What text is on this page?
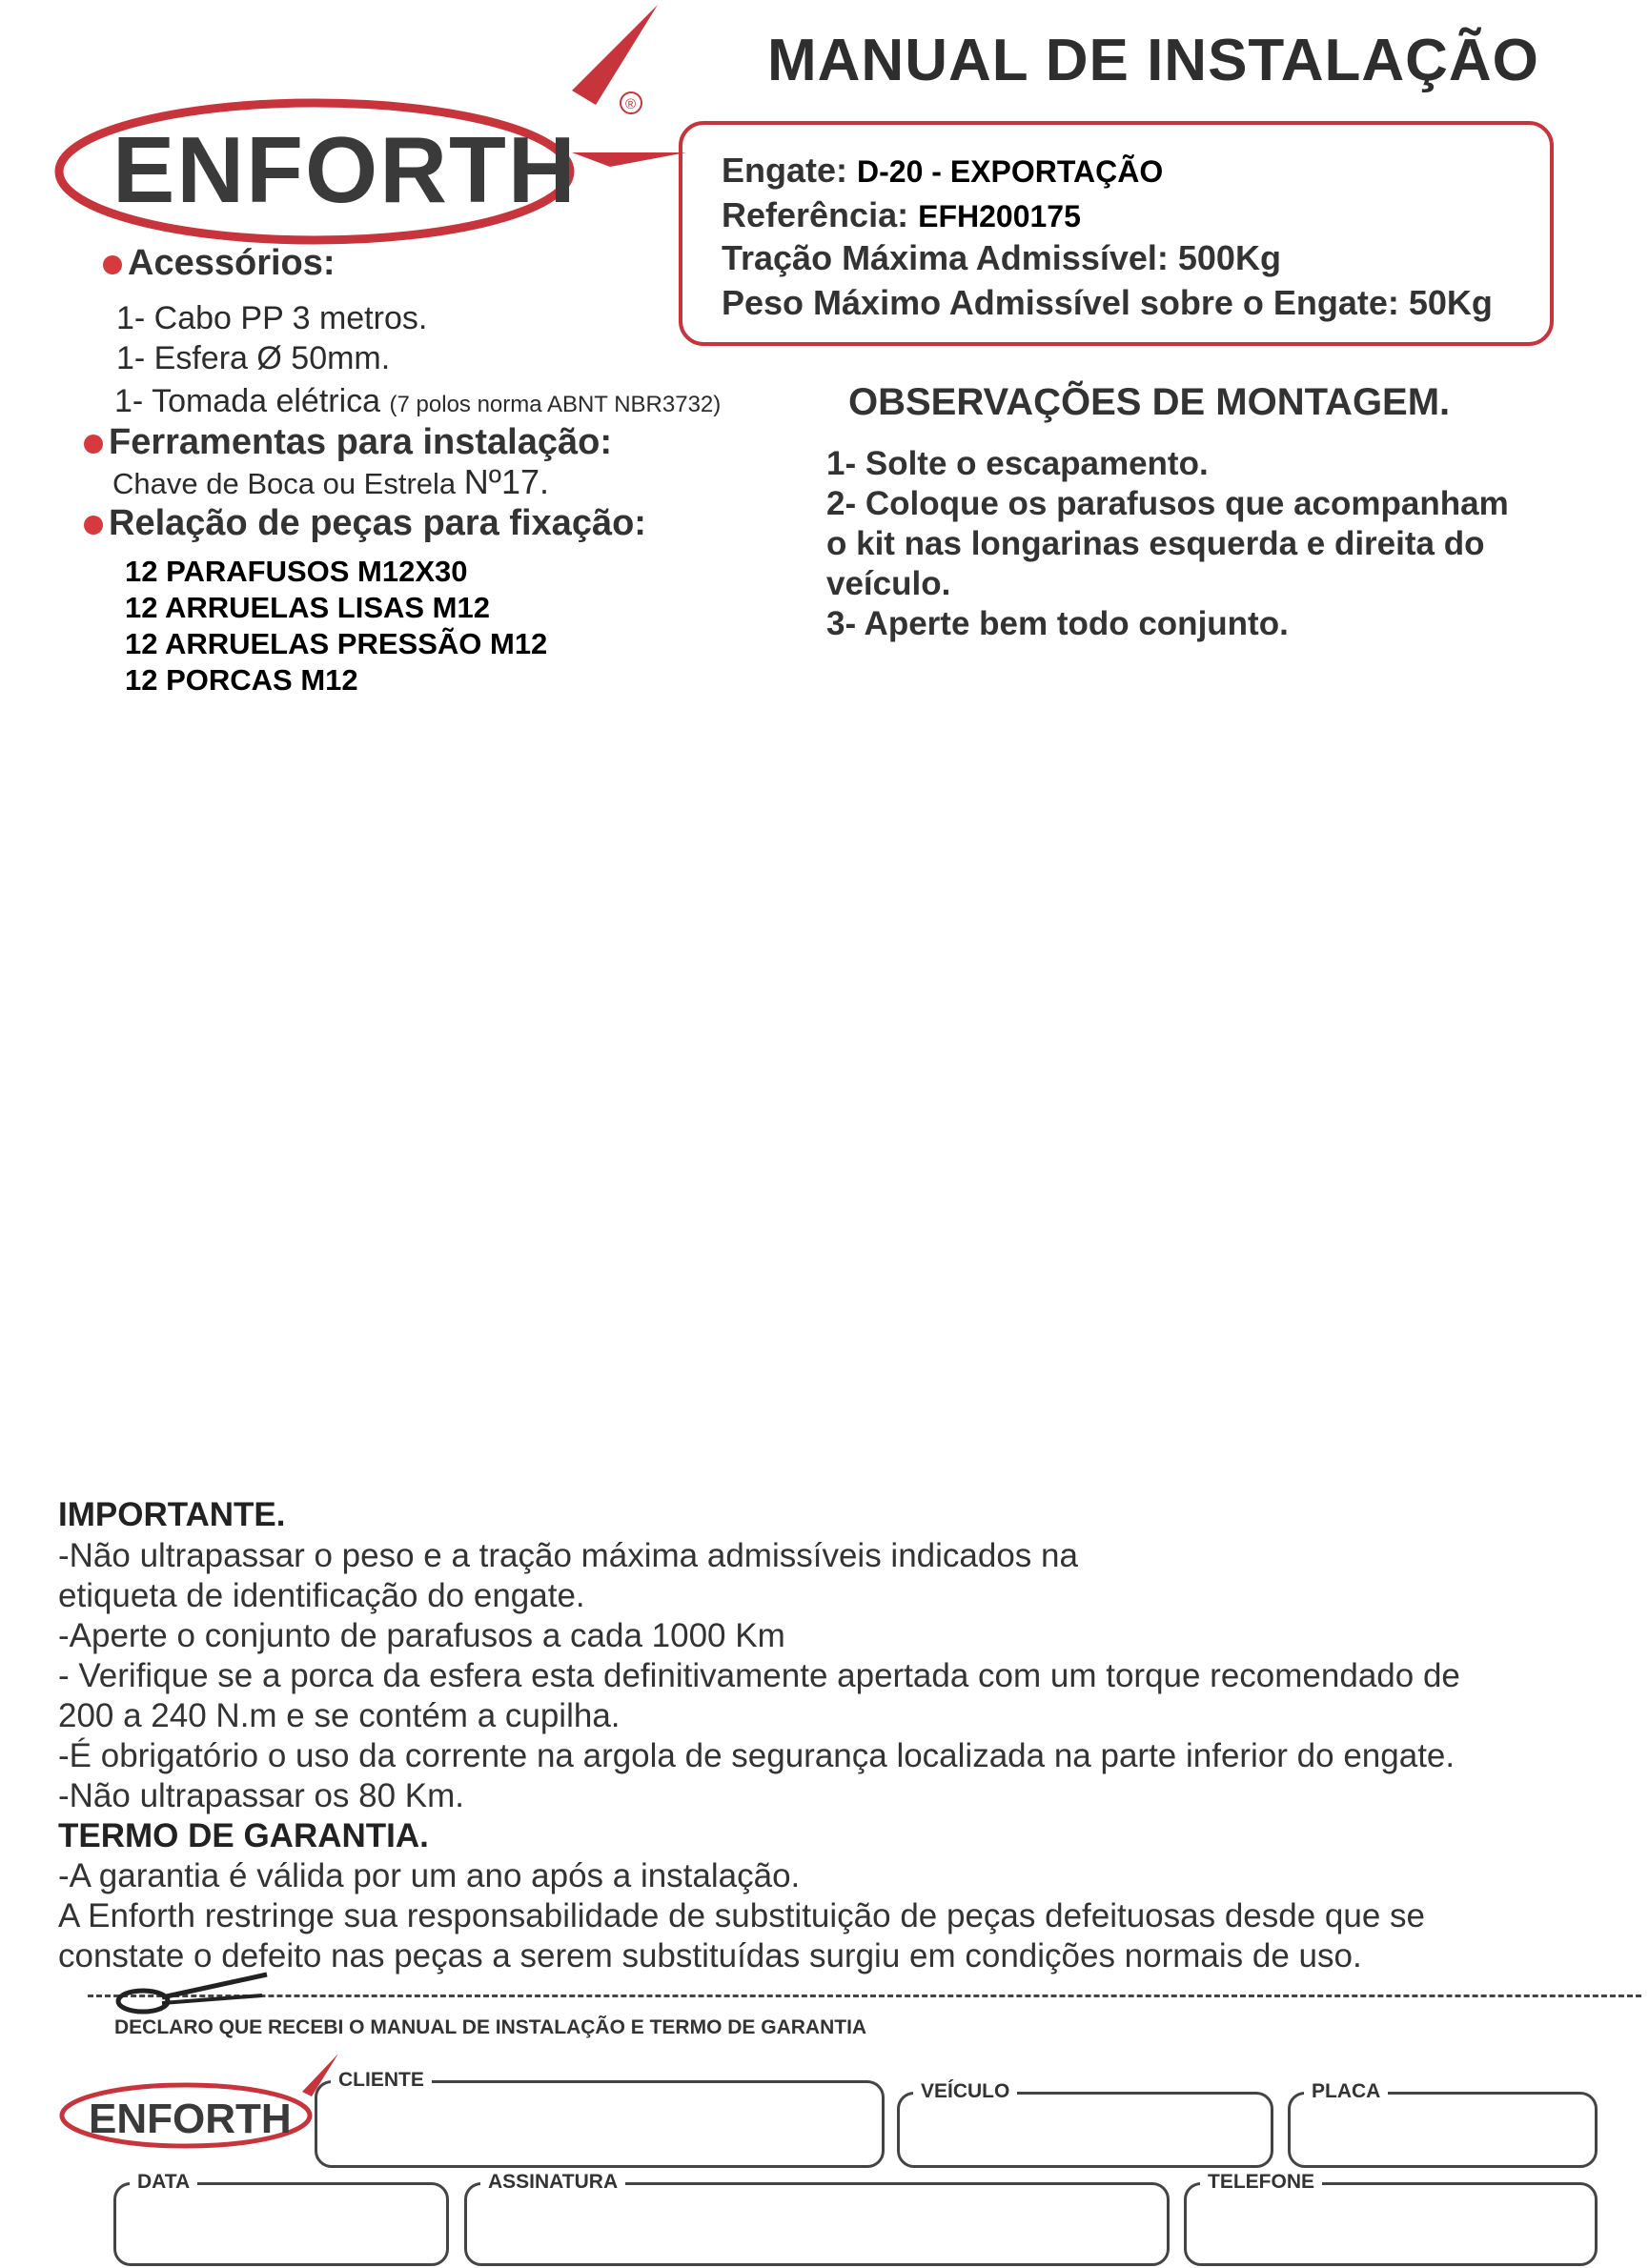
ENFORTH
®
MANUAL DE INSTALAÇÃO
Engate: D-20 - EXPORTAÇÃO
Referência: EFH200175
Tração Máxima Admissível: 500Kg
Peso Máximo Admissível sobre o Engate: 50Kg
Acessórios:
1- Cabo PP 3 metros.
1- Esfera Ø 50mm.
1- Tomada elétrica (7 polos norma ABNT NBR3732)
Ferramentas para instalação:
Chave de Boca ou Estrela Nº17.
Relação de peças para fixação:
12 PARAFUSOS M12X30
12 ARRUELAS LISAS M12
12 ARRUELAS PRESSÃO M12
12 PORCAS M12
OBSERVAÇÕES DE MONTAGEM.
1- Solte o escapamento.
2- Coloque os parafusos que acompanham
o kit nas longarinas esquerda e direita do
veículo.
3- Aperte bem todo conjunto.
IMPORTANTE.
-Não ultrapassar o peso e a tração máxima admissíveis indicados na
etiqueta de identificação do engate.
-Aperte o conjunto de parafusos a cada 1000 Km
- Verifique se a porca da esfera esta definitivamente apertada com um torque recomendado de
200 a 240 N.m e se contém a cupilha.
-É obrigatório o uso da corrente na argola de segurança localizada na parte inferior do engate.
-Não ultrapassar os 80 Km.
TERMO DE GARANTIA.
-A garantia é válida por um ano após a instalação.
A Enforth restringe sua responsabilidade de substituição de peças defeituosas desde que se
constate o defeito nas peças a serem substituídas surgiu em condições normais de uso.
DECLARO QUE RECEBI O MANUAL DE INSTALAÇÃO E TERMO DE GARANTIA
ENFORTH
CLIENTE
VEÍCULO	PLACA
DATA	ASSINATURA	TELEFONE
